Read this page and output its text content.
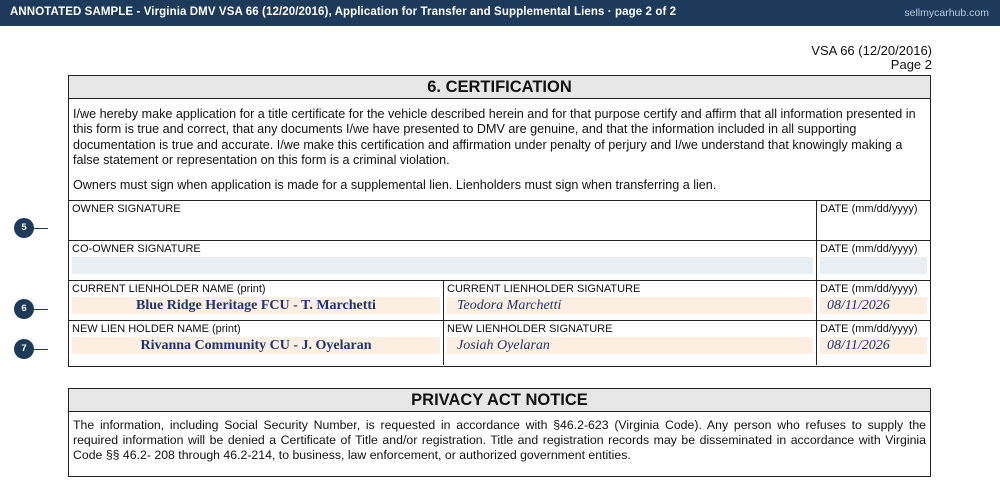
ANNOTATED SAMPLE - Virginia DMV VSA 66 (12/20/2016), Application for Transfer and Supplemental Liens · page 2 of 2	sellmycarhub.com
VSA 66 (12/20/2016)
Page 2
5
6
7
6. CERTIFICATION
I/we hereby make application for a title certificate for the vehicle described herein and for that purpose certify and affirm that all information presented in this form is true and correct, that any documents I/we have presented to DMV are genuine, and that the information included in all supporting documentation is true and accurate. I/we make this certification and affirmation under penalty of perjury and I/we understand that knowingly making a false statement or representation on this form is a criminal violation.
Owners must sign when application is made for a supplemental lien. Lienholders must sign when transferring a lien.
OWNER SIGNATURE	DATE (mm/dd/yyyy)
CO-OWNER SIGNATURE	DATE (mm/dd/yyyy)
CURRENT LIENHOLDER NAME (print)
Blue Ridge Heritage FCU - T. Marchetti
CURRENT LIENHOLDER SIGNATURE
Teodora Marchetti
DATE (mm/dd/yyyy)
08/11/2026
NEW LIEN HOLDER NAME (print)
Rivanna Community CU - J. Oyelaran
NEW LIENHOLDER SIGNATURE
Josiah Oyelaran
DATE (mm/dd/yyyy)
08/11/2026
PRIVACY ACT NOTICE
The information, including Social Security Number, is requested in accordance with §46.2-623 (Virginia Code). Any person who refuses to supply the required information will be denied a Certificate of Title and/or registration. Title and registration records may be disseminated in accordance with Virginia Code §§ 46.2- 208 through 46.2-214, to business, law enforcement, or authorized government entities.
